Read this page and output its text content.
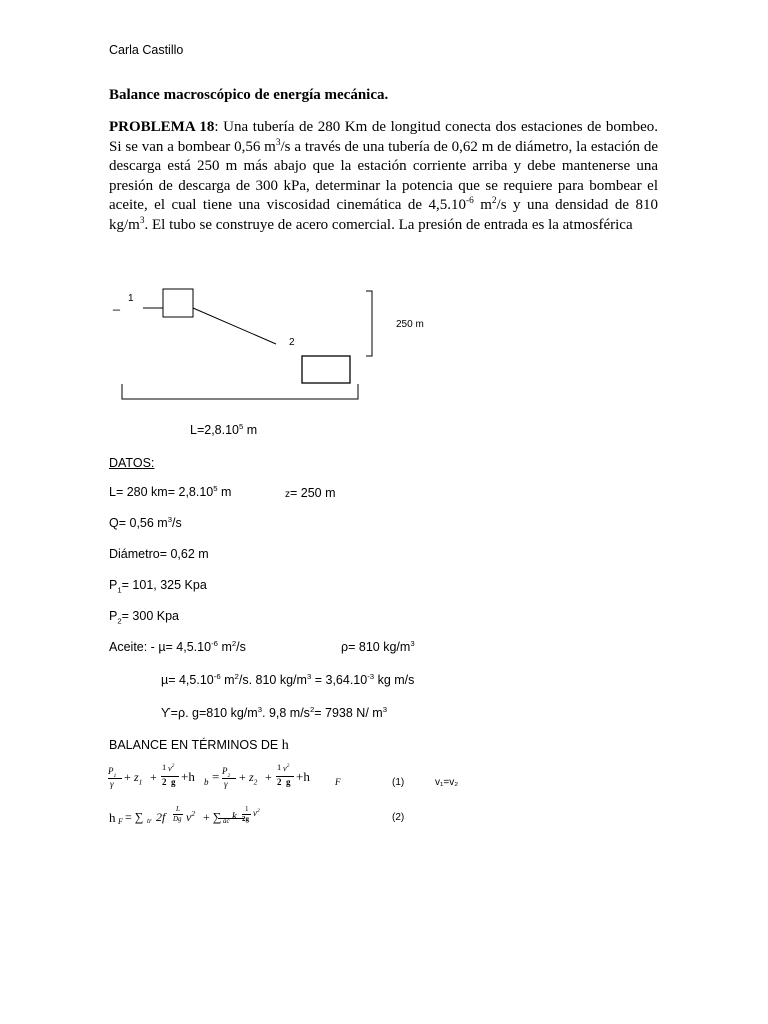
Carla Castillo
Balance macroscópico de energía mecánica.
PROBLEMA 18: Una tubería de 280 Km de longitud conecta dos estaciones de bombeo. Si se van a bombear 0,56 $m^3/s$ a través de una tubería de 0,62 m de diámetro, la estación de descarga está 250 m más abajo que la estación corriente arriba y debe mantenerse una presión de descarga de 300 kPa, determinar la potencia que se requiere para bombear el aceite, el cual tiene una viscosidad cinemática de $4,5.10^{-6}$ $m^2/s$ y una densidad de 810 $kg/m^3$. El tubo se construye de acero comercial. La presión de entrada es la atmosférica
_ 1
2
250 m
$L=2,8.10^5$ m
DATOS:
L= 280 $km= 2,8.10^5$ m	z= 250 m
Q= 0,56 $m^3/s$
Diámetro= 0,62 m
$P_1= 101$, 325 Kpa
$P_2= 300$ Kpa
Aceite: - $\mu= 4,5.10^{-6}$ $m^2/s$	ρ= 810 $kg/m^3$
$\mu= 4,5.10^{-6}$ $m^2/s$. 810 $kg/m^3 = 3,64.10^{-3}$ kg m/s
Ƴ=ρ. g=810 $kg/m^3$. 9,8 $m/s^2= 7938$ N/ $m^3$
BALANCE EN TÉRMINOS DE h
$P_1$
$\gamma + z_1$ +
1 $v^2$
2  g +h $b = P_2$
$\gamma + z_2$ +
1 $v^2$
2  g +h	F	(1)	v₁=v₂
h F = ∑ tr 2f
L
Dg $v^2$ + ∑ ac k
1
2g
$v^2$
(2)
